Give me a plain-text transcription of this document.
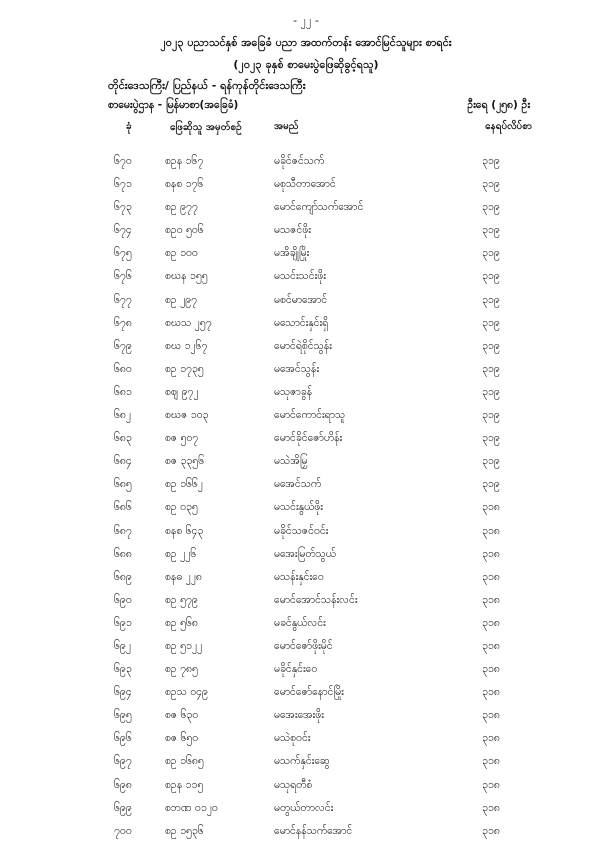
- ၂၂ -
၂၀၂၃ ပညာသင်နှစ် အခြေခံ ပညာ အထက်တန်း အောင်မြင်သူများ စာရင်း
(၂၀၂၃ ခုနှစ် စာမေးပွဲဖြေဆိုခွင့်ရသူ)
တိုင်းဒေသကြီး/ ပြည်နယ် - ရန်ကုန်တိုင်းဒေသကြီး
စာမေးပွဲဌာန - မြန်မာစာ(အခြေခံ)	ဦးရေ (၂၅၈) ဦး
ခုံ	ဖြေဆိုသူ အမှတ်စဉ်	အမည်	နေရပ်လိပ်စာ
၆၇၀	စဥန ၁၆၇	မခိုင်ဇင်သက်	၃၁၉
၆၇၁	စနစ ၁၇၆	မစုသီတာအောင်	၃၁၉
၆၇၃	စဥ ၉၇၇	မောင်ကျော်သက်အောင်	၃၁၉
၆၇၄	စဥ၀ ၅၀၆	မသဇင်ဖိုး	၃၁၉
၆၇၅	စဥ ၁၀၀	မအိချိုမြိုး	၃၁၉
၆၇၆	စဃန ၁၅၅	မသင်းသင်းဖိုး	၃၁၉
၆၇၇	စဥ ၂၉၇	မစင်မာအောင်	၃၁၉
၆၇၈	စဃသ ၂၅၇	မသောင်းနှင်းရှိ	၃၁၉
၆၇၉	စဃ ၁၂၆၇	မောင်ရဲစိုင်သွန်း	၃၁၉
၆၈၀	စဥ ၁၇၃၅	မအေင်သွန်း	၃၁၉
၆၈၁	စဈ ၉၇၂	မသုဇာခွန်	၃၁၉
၆၈၂	စဃဇ ၁၀၃	မောင်ကောင်းရာသူ	၃၁၉
၆၈၃	စဇ ၅၀၇	မောင်ခိုင်ဇော်ဟိန်း	၃၁၉
၆၈၄	စဇ ၃၃၅၆	မသဲအိမြှ	၃၁၉
၆၈၅	စဥ ၁၆၆၂	မအေင်သက်	၃၁၉
၆၈၆	စဥ ၀၃၅	မသင်းနွယ်ဖိုး	၃၁၈
၆၈၇	စနစ ၆၄၃	မခိုင်သဇင်ဝင်း	၃၁၈
၆၈၈	စဥ ၂၂၆	မအေးမြတ်သွယ်	၃၁၈
၆၈၉	စနဓ ၂၂၈	မသန်းနှင်းဝေ	၃၁၈
၆၉၀	စဥ ၅၇၉	မောင်အောင်သန်းလင်း	၃၁၈
၆၉၁	စဥ ၅၆၈	မခင်နွယ်လင်း	၃၁၈
၆၉၂	စဥ ၅၁၂၂	မောင်ဇော်ဖိုးမိုင်	၃၁၈
၆၉၃	စဥ ၇၈၅	မခိုင်နှင်းဝေ	၃၁၈
၆၉၄	စဥသ ၀၄၉	မောင်ဇော်နောင်မြိုး	၃၁၈
၆၉၅	စဇ ၆၃၀	မအေးအေးဖိုး	၃၁၈
၆၉၆	စဇ ၆၅၀	မသဲစုဝင်း	၃၁၈
၆၉၇	စဥ ၁၆၈၅	မသက်နှင်းဆွေ	၃၁၈
၆၉၈	စဥန ၁၁၅	မသုရတီစံ	၃၁၈
၆၉၉	စဘဏ ၀၁၂၀	မတွယ်တာလင်း	၃၁၈
၇၀၀	စဥ ၁၅၃၆	မောင်နန်သက်အောင်	၃၁၈
